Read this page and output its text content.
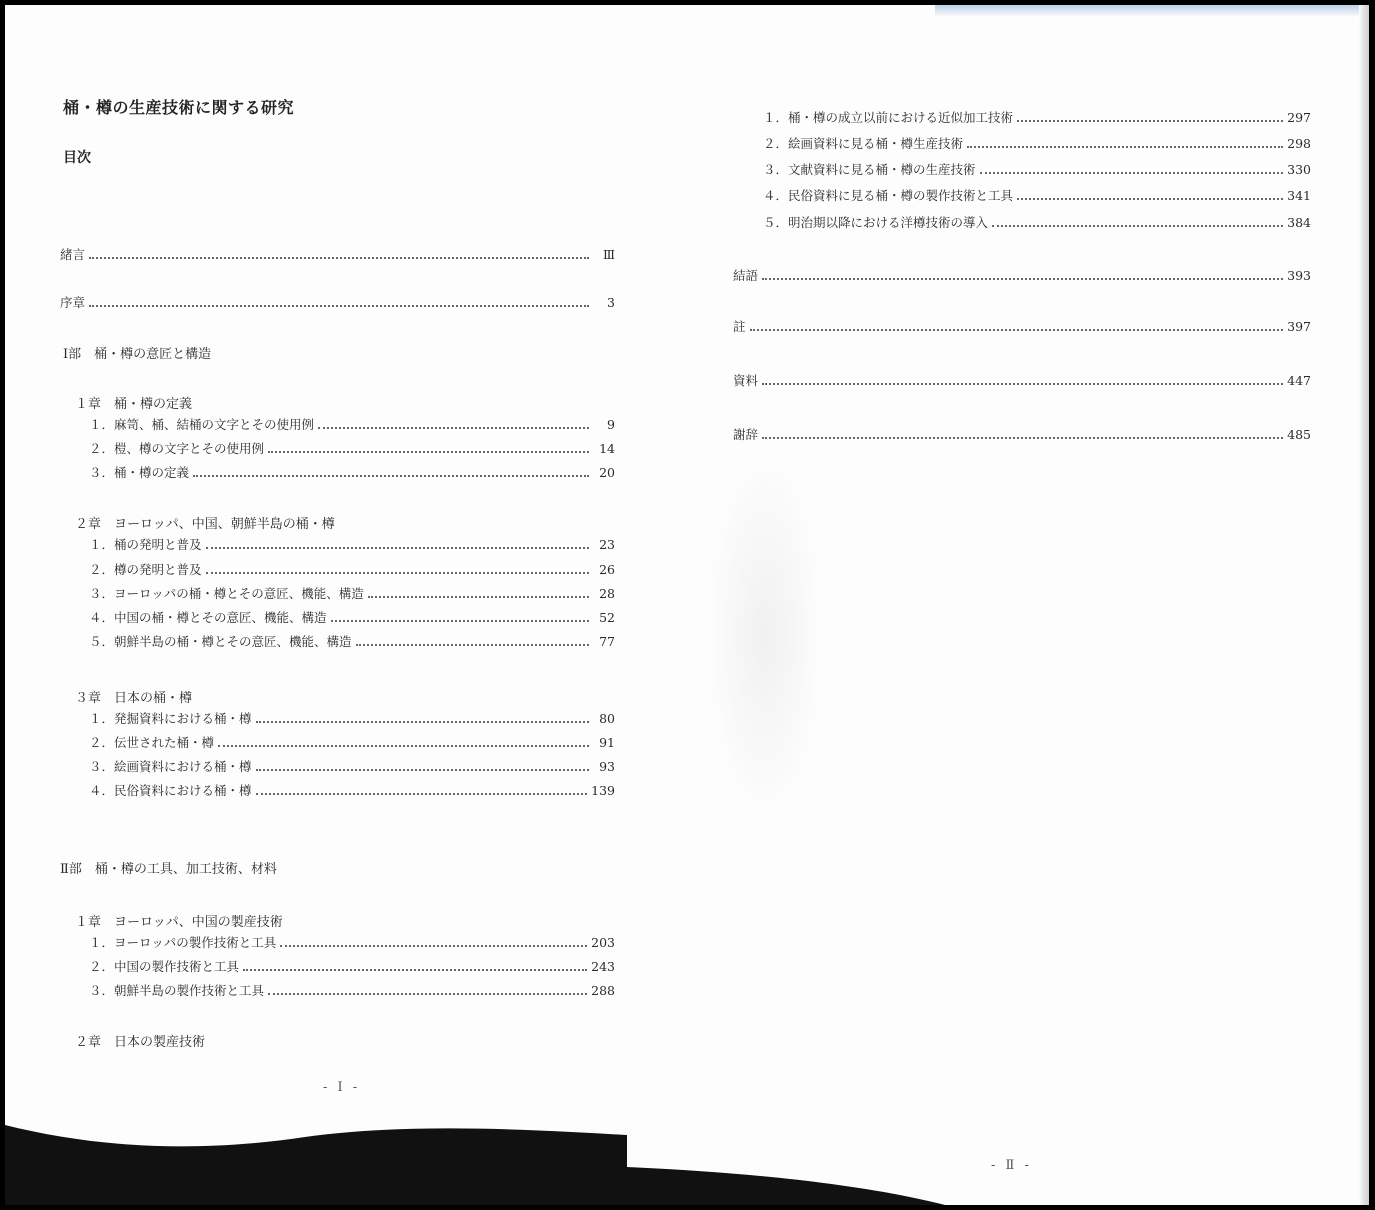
桶・樽の生産技術に関する研究
目次
緒言	Ⅲ
序章	3
Ⅰ部　桶・樽の意匠と構造
１章　桶・樽の定義
１．麻笥、桶、結桶の文字とその使用例	9
２．榿、樽の文字とその使用例	14
３．桶・樽の定義	20
２章　ヨーロッパ、中国、朝鮮半島の桶・樽
１．桶の発明と普及	23
２．樽の発明と普及	26
３．ヨーロッパの桶・樽とその意匠、機能、構造	28
４．中国の桶・樽とその意匠、機能、構造	52
５．朝鮮半島の桶・樽とその意匠、機能、構造	77
３章　日本の桶・樽
１．発掘資料における桶・樽	80
２．伝世された桶・樽	91
３．絵画資料における桶・樽	93
４．民俗資料における桶・樽	139
Ⅱ部　桶・樽の工具、加工技術、材料
１章　ヨーロッパ、中国の製産技術
１．ヨーロッパの製作技術と工具	203
２．中国の製作技術と工具	243
３．朝鮮半島の製作技術と工具	288
２章　日本の製産技術
- Ⅰ -
１．桶・樽の成立以前における近似加工技術	297
２．絵画資料に見る桶・樽生産技術	298
３．文献資料に見る桶・樽の生産技術	330
４．民俗資料に見る桶・樽の製作技術と工具	341
５．明治期以降における洋樽技術の導入	384
結語	393
註	397
資料	447
謝辞	485
- Ⅱ -
